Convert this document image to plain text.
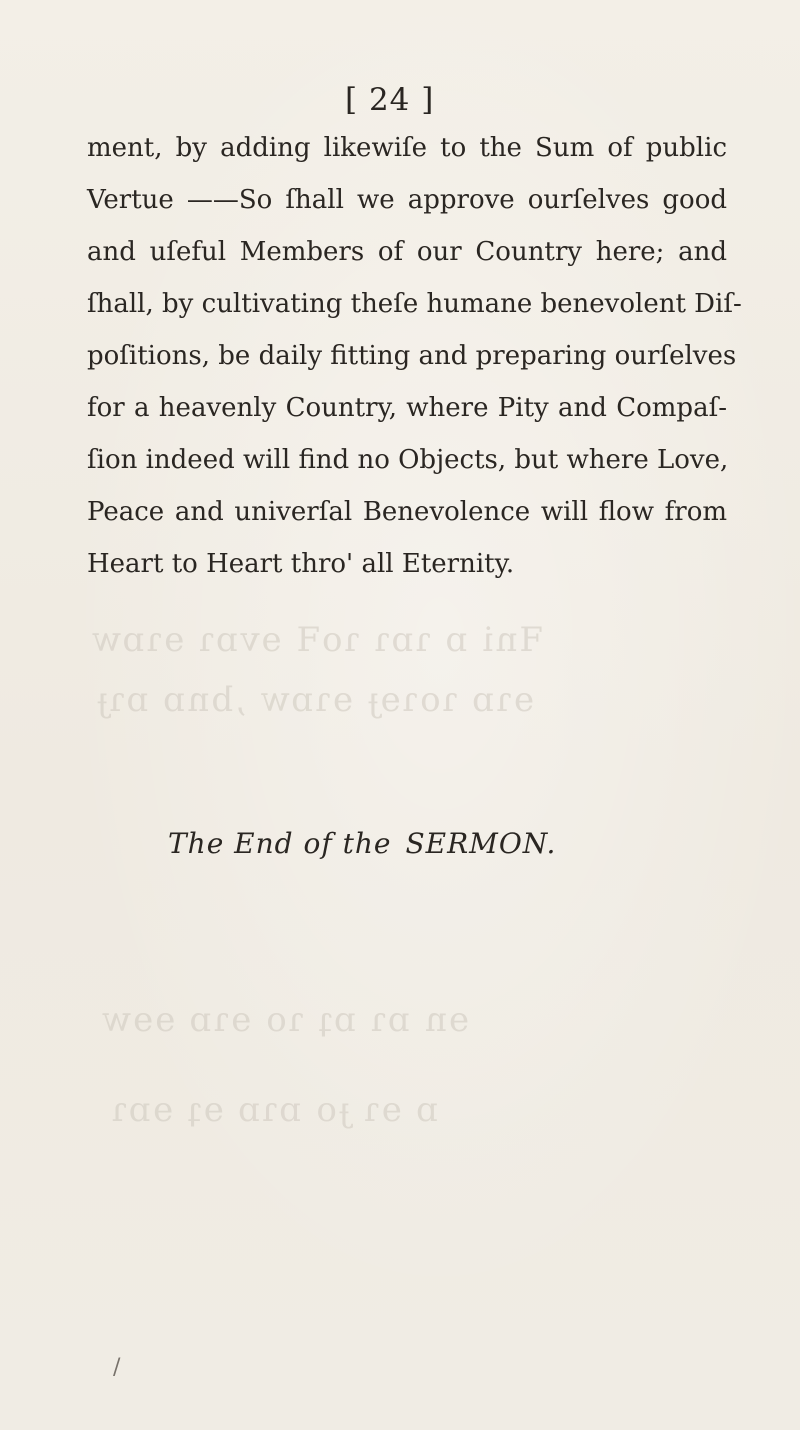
ꟻni ɒ ɿɒɿ ɿoꟻ ɘvɒɿ ɘɿɒw
ɘɿɒ ɿoɿɘɟ ɘɿɒw ,bnɒ ɒɿɟ
ɘn ɒɿ ɒʇ ɿo ɘɿɒ ɘɘw
ɒ ɘɿ ɟo ɒɿɒ ɘʇ ɘɒɿ
[ 24 ]
ment, by adding likewiſe to the Sum of public
Vertue ——So ſhall we approve ourſelves good
and uſeful Members of our Country here; and
ſhall, by cultivating theſe humane benevolent Diſ-
poſitions, be daily fitting and preparing ourſelves
for a heavenly Country, where Pity and Compaſ-
ſion indeed will find no Objects, but where Love,
Peace and univerſal Benevolence will flow from
Heart to Heart thro' all Eternity.
The End of the SERMON.
/
